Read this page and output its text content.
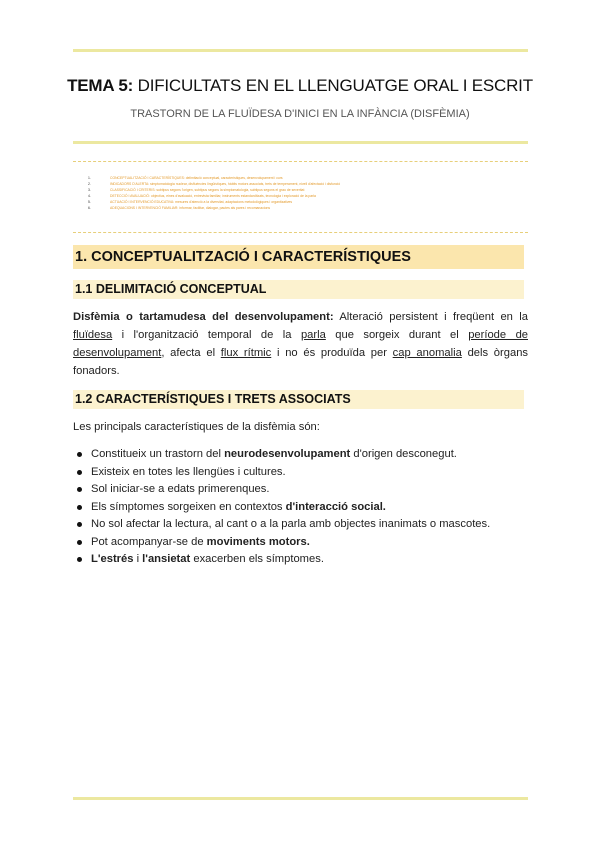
TEMA 5: DIFICULTATS EN EL LLENGUATGE ORAL I ESCRIT
TRASTORN DE LA FLUÏDESA D'INICI EN LA INFÀNCIA (DISFÈMIA)
1.	CONCEPTUALITZACIÓ I CARACTERÍSTIQUES: delimitació conceptual, característiques, desenvolupament i curs
2.	INDICADORS D'ALERTA: simptomatologia nuclear, disfluències lingüístiques, hàbits motors associats, trets de temperament, nivell d'afectació i disfunció
3.	CLASSIFICACIÓ I CRITERIS: subtipus segons l'origen, subtipus segons la simptomatologia, subtipus segons el grau de severitat
4.	DETECCIÓ I AVALUACIÓ: objectius, eines d'avaluació, entrevista familiar, instruments estandarditzats, tecnologia i exploració de la parla
5.	ACTUACIÓ I INTERVENCIÓ EDUCATIVA: mesures d'atenció a la diversitat, adaptacions metodològiques i organitzatives
6.	ADEQUACIONS I INTERVENCIÓ FAMILIAR: informar, facilitar, dialogar, pautes als pares i recomanacions
1. CONCEPTUALITZACIÓ I CARACTERÍSTIQUES
1.1 DELIMITACIÓ CONCEPTUAL

Disfèmia o tartamudesa del desenvolupament: Alteració persistent i freqüent en la fluïdesa i l'organització temporal de la parla que sorgeix durant el període de desenvolupament, afecta el flux rítmic i no és produïda per cap anomalia dels òrgans fonadors.

1.2 CARACTERÍSTIQUES I TRETS ASSOCIATS
Les principals característiques de la disfèmia són:
Constitueix un trastorn del neurodesenvolupament d'origen desconegut.
Existeix en totes les llengües i cultures.
Sol iniciar-se a edats primerenques.
Els símptomes sorgeixen en contextos d'interacció social.
No sol afectar la lectura, al cant o a la parla amb objectes inanimats o mascotes.
Pot acompanyar-se de moviments motors.
L'estrés i l'ansietat exacerben els símptomes.
